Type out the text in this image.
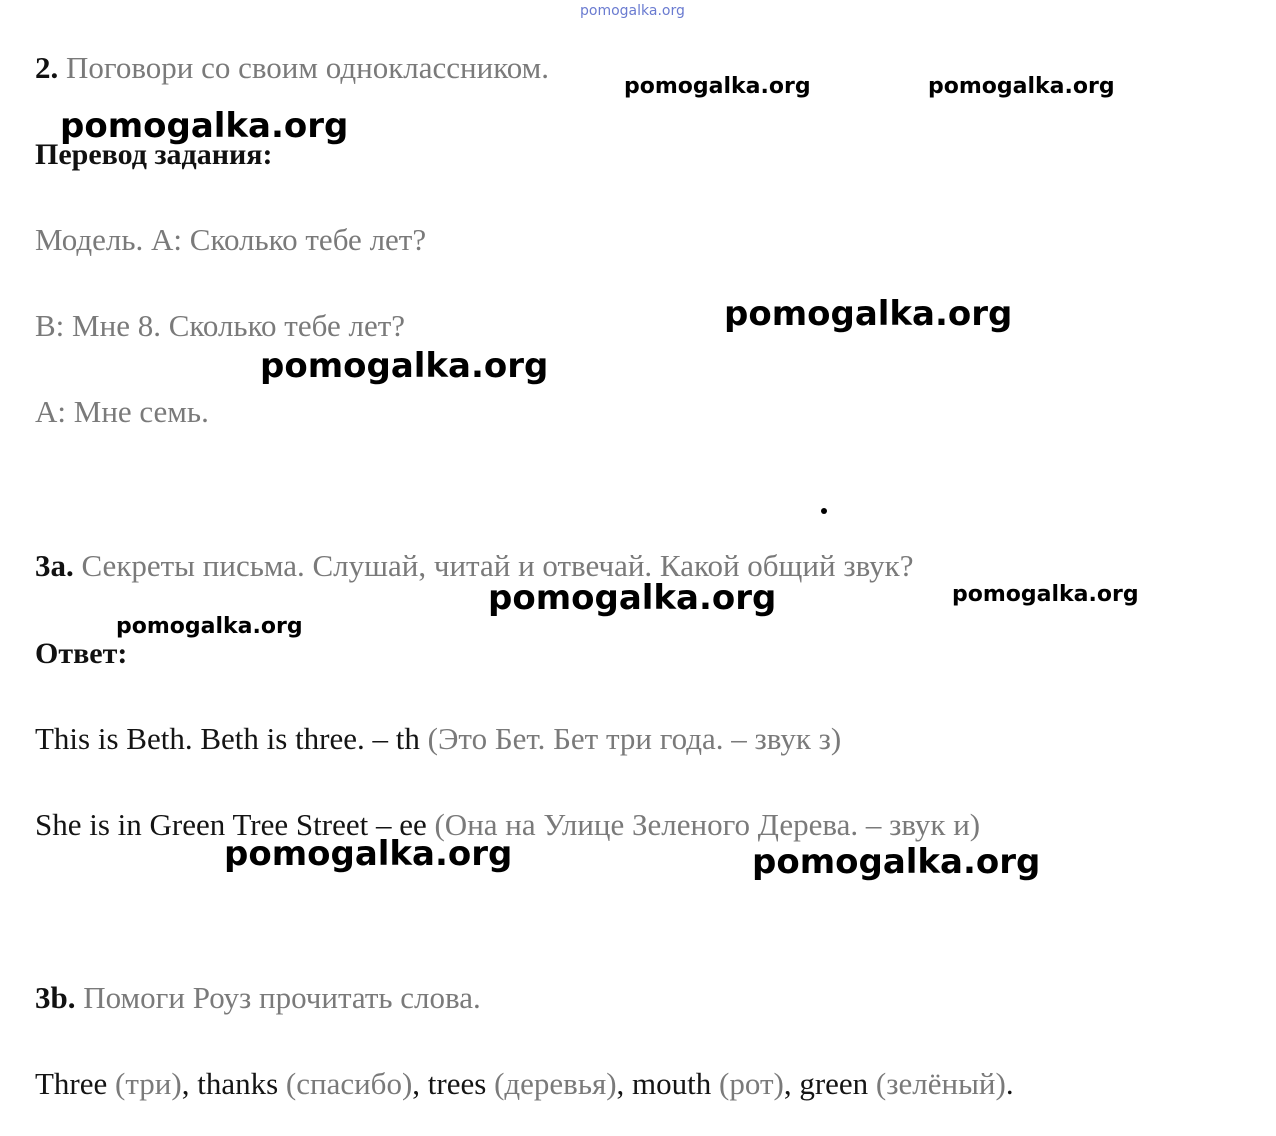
pomogalka.org
2. Поговори со своим одноклассником.
Перевод задания:
Модель. A: Сколько тебе лет?
B: Мне 8. Сколько тебе лет?
A: Мне семь.
3a. Секреты письма. Слушай, читай и отвечай. Какой общий звук?
Ответ:
This is Beth. Beth is three. – th (Это Бет. Бет три года. – звук з)
She is in Green Tree Street – ee (Она на Улице Зеленого Дерева. – звук и)
3b. Помоги Роуз прочитать слова.
Three (три), thanks (спасибо), trees (деревья), mouth (рот), green (зелёный).
pomogalka.org	pomogalka.org
pomogalka.org
pomogalka.org
pomogalka.org
pomogalka.org	pomogalka.org
pomogalka.org
pomogalka.org	pomogalka.org
